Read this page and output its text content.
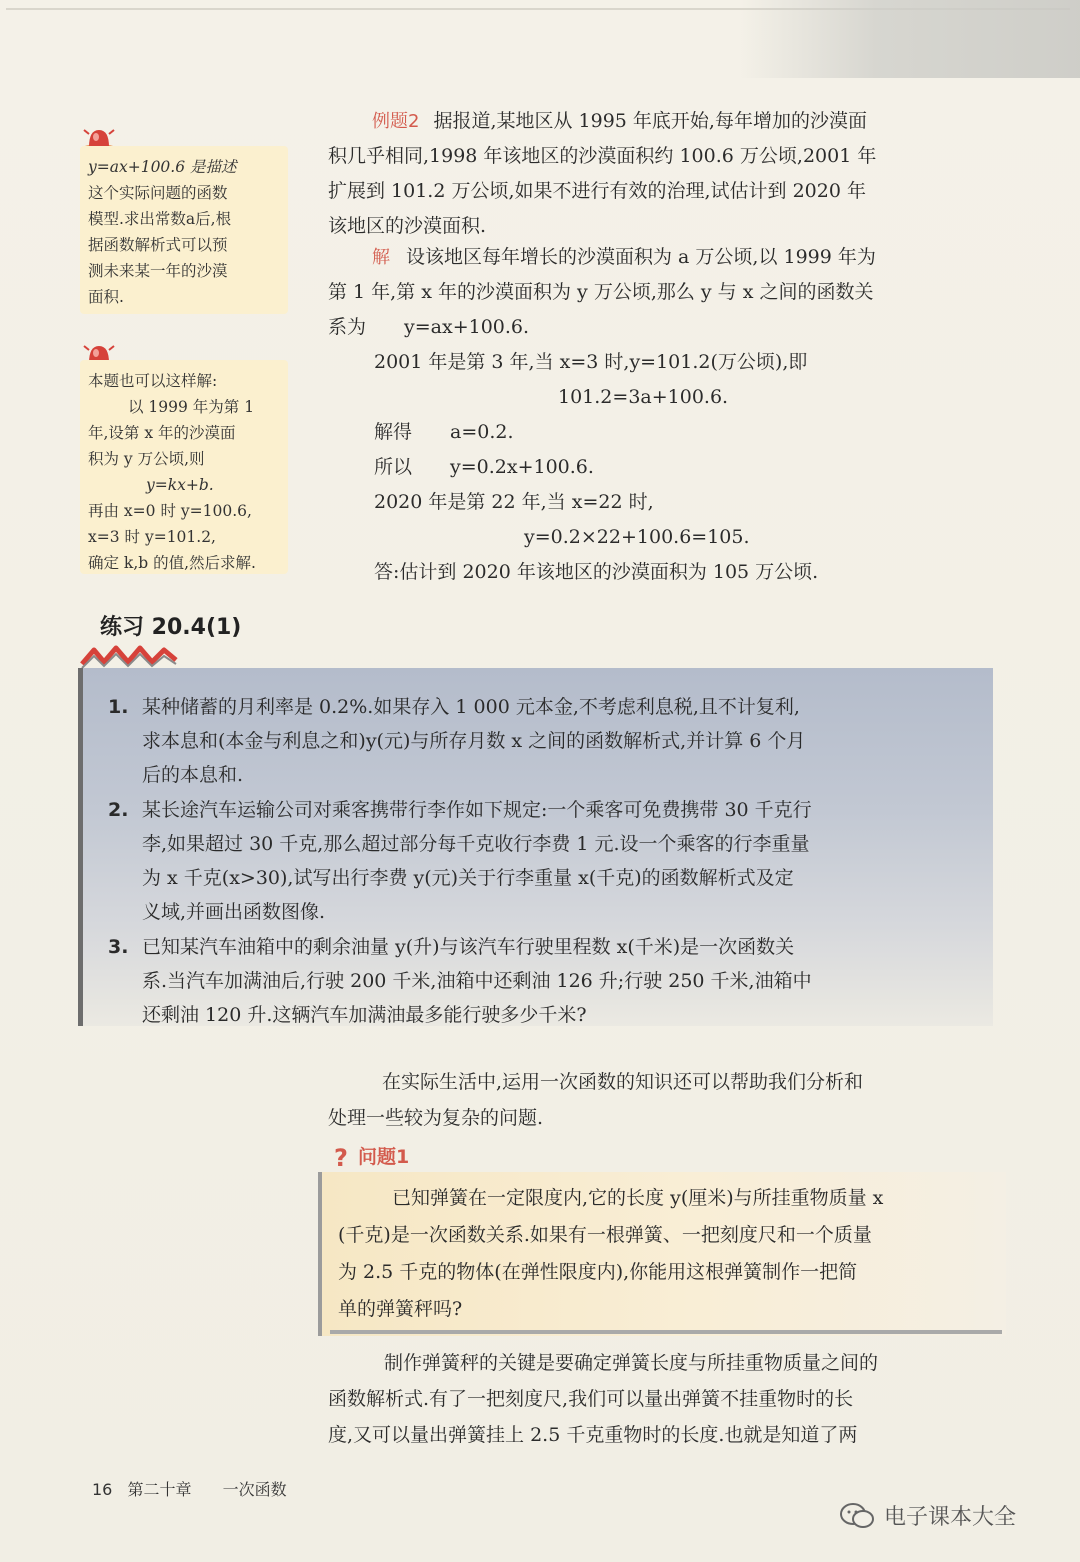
y=ax+100.6 是描述

这个实际问题的函数

模型.求出常数a后,根

据函数解析式可以预

测未来某一年的沙漠

面积.

本题也可以这样解:

以 1999 年为第 1

年,设第 x 年的沙漠面

积为 y 万公顷,则

y=kx+b.

再由 x=0 时 y=100.6,

x=3 时 y=101.2,

确定 k,b 的值,然后求解.

例题2 据报道,某地区从 1995 年底开始,每年增加的沙漠面

积几乎相同,1998 年该地区的沙漠面积约 100.6 万公顷,2001 年

扩展到 101.2 万公顷,如果不进行有效的治理,试估计到 2020 年

该地区的沙漠面积.

解 设该地区每年增长的沙漠面积为 a 万公顷,以 1999 年为

第 1 年,第 x 年的沙漠面积为 y 万公顷,那么 y 与 x 之间的函数关

系为　　y=ax+100.6.

2001 年是第 3 年,当 x=3 时,y=101.2(万公顷),即

101.2=3a+100.6.

解得　　a=0.2.

所以　　y=0.2x+100.6.

2020 年是第 22 年,当 x=22 时,

y=0.2×22+100.6=105.

答:估计到 2020 年该地区的沙漠面积为 105 万公顷.

练习 20.4(1)
1. 某种储蓄的月利率是 0.2%.如果存入 1 000 元本金,不考虑利息税,且不计复利,
求本息和(本金与利息之和)y(元)与所存月数 x 之间的函数解析式,并计算 6 个月
后的本息和.
2. 某长途汽车运输公司对乘客携带行李作如下规定:一个乘客可免费携带 30 千克行
李,如果超过 30 千克,那么超过部分每千克收行李费 1 元.设一个乘客的行李重量
为 x 千克(x>30),试写出行李费 y(元)关于行李重量 x(千克)的函数解析式及定
义域,并画出函数图像.
3. 已知某汽车油箱中的剩余油量 y(升)与该汽车行驶里程数 x(千米)是一次函数关
系.当汽车加满油后,行驶 200 千米,油箱中还剩油 126 升;行驶 250 千米,油箱中
还剩油 120 升.这辆汽车加满油最多能行驶多少千米?

在实际生活中,运用一次函数的知识还可以帮助我们分析和

处理一些较为复杂的问题.

? 问题1
已知弹簧在一定限度内,它的长度 y(厘米)与所挂重物质量 x
(千克)是一次函数关系.如果有一根弹簧、一把刻度尺和一个质量
为 2.5 千克的物体(在弹性限度内),你能用这根弹簧制作一把简
单的弹簧秤吗?

制作弹簧秤的关键是要确定弹簧长度与所挂重物质量之间的

函数解析式.有了一把刻度尺,我们可以量出弹簧不挂重物时的长

度,又可以量出弹簧挂上 2.5 千克重物时的长度.也就是知道了两

16 第二十章 一次函数
电子课本大全
